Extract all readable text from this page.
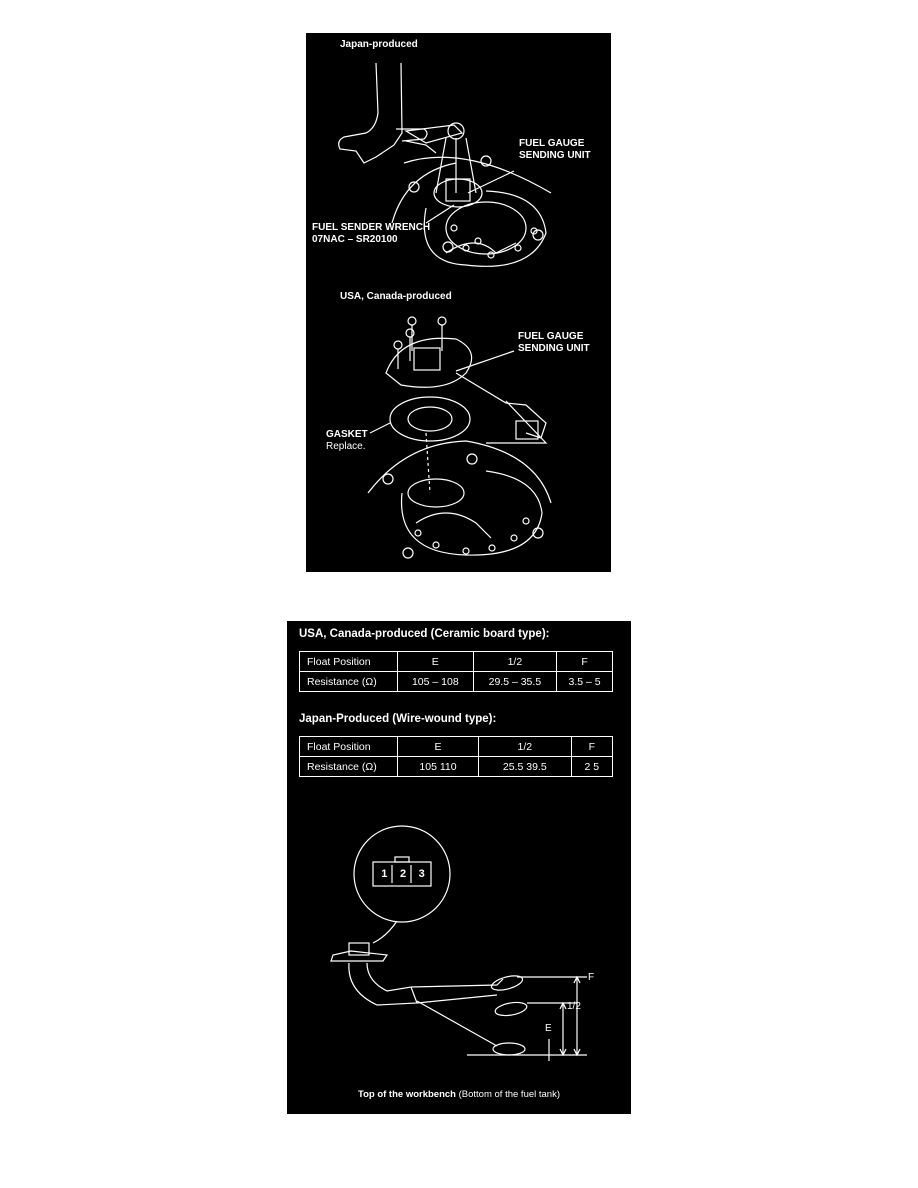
Japan-produced
FUEL GAUGE
SENDING UNIT
FUEL SENDER WRENCH
07NAC – SR20100
USA, Canada-produced
FUEL GAUGE
SENDING UNIT
GASKET
Replace.
USA, Canada-produced (Ceramic board type):
Float Position	E	1/2	F
Resistance (Ω)	105 – 108	29.5 – 35.5	3.5 – 5
Japan-Produced (Wire-wound type):
Float Position	E	1/2	F
Resistance (Ω)	105 110	25.5 39.5	2 5
1	2	3
F
1/2
E
Top of the workbench (Bottom of the fuel tank)
